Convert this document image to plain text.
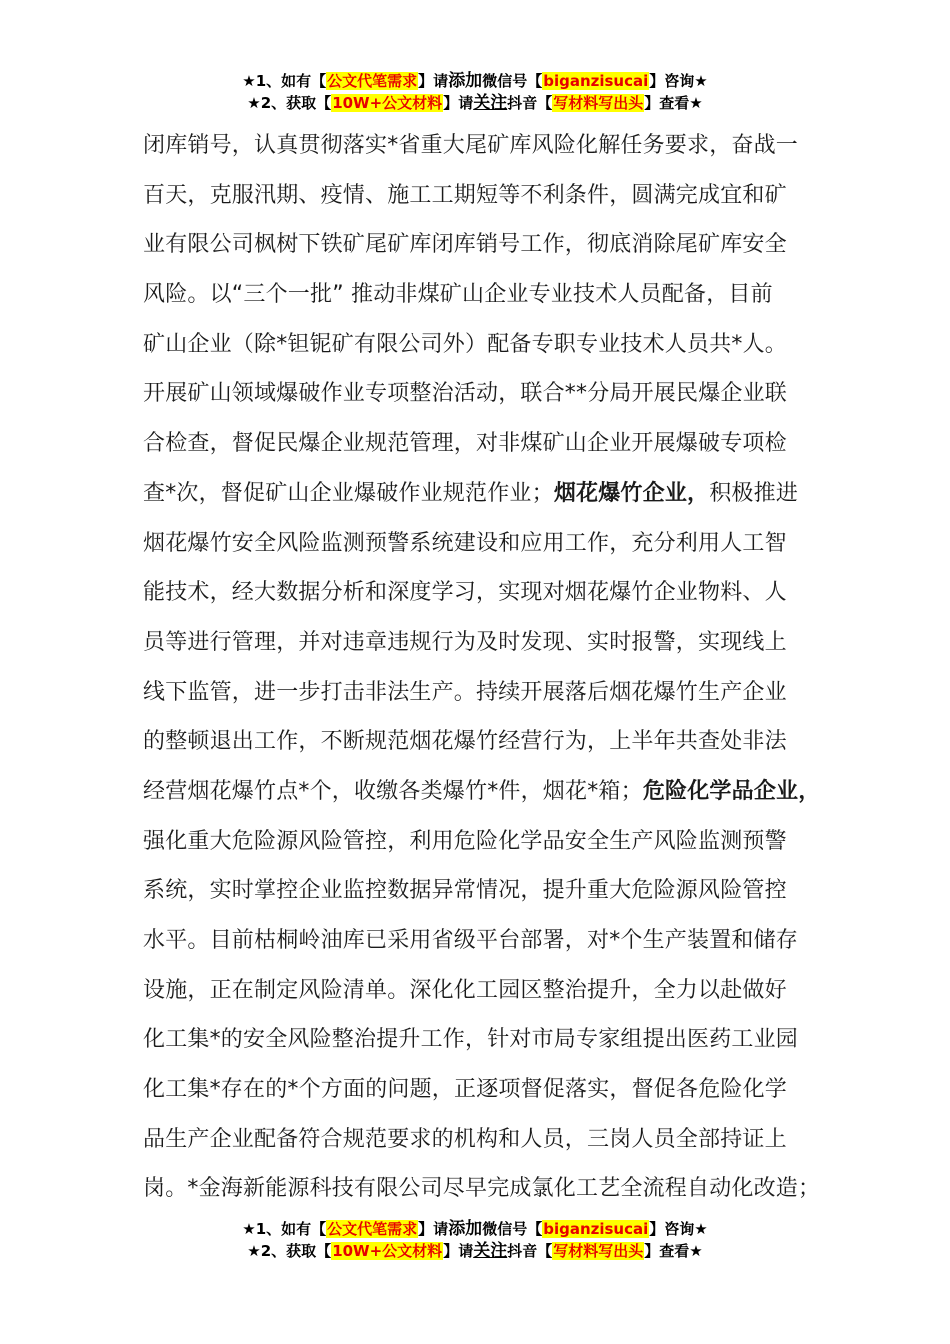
★1、如有【公文代笔需求】请添加微信号【biganzisucai】咨询★
★2、获取【10W+公文材料】请关注抖音【写材料写出头】查看★
闭库销号，认真贯彻落实*省重大尾矿库风险化解任务要求，奋战一
百天，克服汛期、疫情、施工工期短等不利条件，圆满完成宜和矿
业有限公司枫树下铁矿尾矿库闭库销号工作，彻底消除尾矿库安全
风险。以“三个一批” 推动非煤矿山企业专业技术人员配备，目前
矿山企业（除*钽铌矿有限公司外）配备专职专业技术人员共*人。
开展矿山领域爆破作业专项整治活动，联合**分局开展民爆企业联
合检查，督促民爆企业规范管理，对非煤矿山企业开展爆破专项检
查*次，督促矿山企业爆破作业规范作业；烟花爆竹企业，积极推进
烟花爆竹安全风险监测预警系统建设和应用工作，充分利用人工智
能技术，经大数据分析和深度学习，实现对烟花爆竹企业物料、人
员等进行管理，并对违章违规行为及时发现、实时报警，实现线上
线下监管，进一步打击非法生产。持续开展落后烟花爆竹生产企业
的整顿退出工作，不断规范烟花爆竹经营行为，上半年共查处非法
经营烟花爆竹点*个，收缴各类爆竹*件，烟花*箱；危险化学品企业，
强化重大危险源风险管控，利用危险化学品安全生产风险监测预警
系统，实时掌控企业监控数据异常情况，提升重大危险源风险管控
水平。目前枯桐岭油库已采用省级平台部署，对*个生产装置和储存
设施，正在制定风险清单。深化化工园区整治提升，全力以赴做好
化工集*的安全风险整治提升工作，针对市局专家组提出医药工业园
化工集*存在的*个方面的问题，正逐项督促落实，督促各危险化学
品生产企业配备符合规范要求的机构和人员，三岗人员全部持证上
岗。*金海新能源科技有限公司尽早完成氯化工艺全流程自动化改造；
★1、如有【公文代笔需求】请添加微信号【biganzisucai】咨询★
★2、获取【10W+公文材料】请关注抖音【写材料写出头】查看★
